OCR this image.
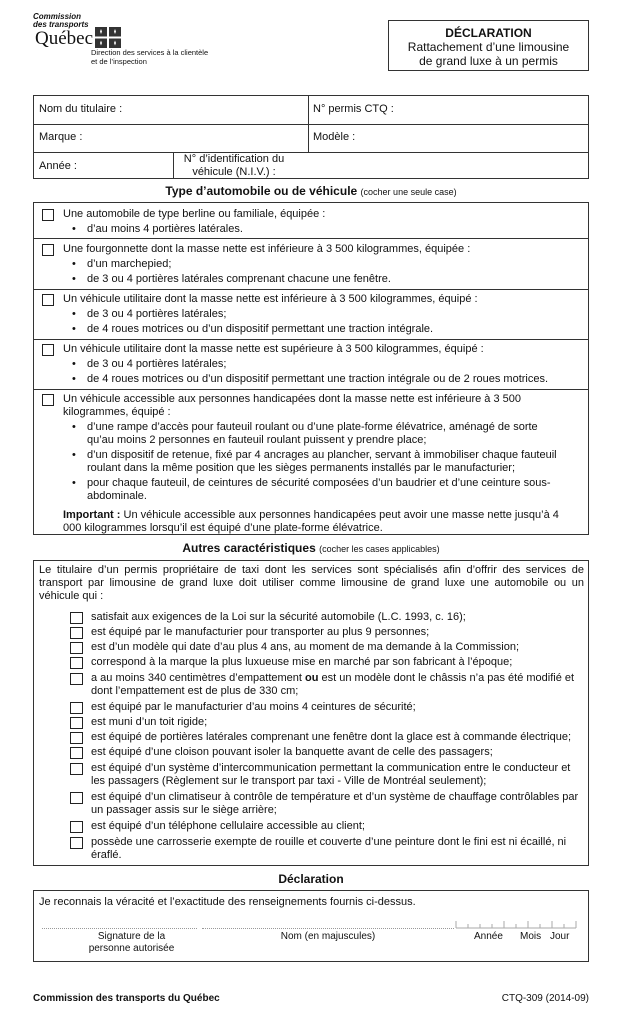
Commission
des transports
Québec
Direction des services à la clientèle
et de l’inspection
DÉCLARATION
Rattachement d’une limousine
de grand luxe à un permis
Nom du titulaire :	N° permis CTQ :
Marque :	Modèle :
Année :
N° d’identification du
véhicule (N.I.V.) :
Type d’automobile ou de véhicule (cocher une seule case)
Une automobile de type berline ou familiale, équipée :
• d’au moins 4 portières latérales.
Une fourgonnette dont la masse nette est inférieure à 3 500 kilogrammes, équipée :
• d’un marchepied;
• de 3 ou 4 portières latérales comprenant chacune une fenêtre.
Un véhicule utilitaire dont la masse nette est inférieure à 3 500 kilogrammes, équipé :
• de 3 ou 4 portières latérales;
• de 4 roues motrices ou d’un dispositif permettant une traction intégrale.
Un véhicule utilitaire dont la masse nette est supérieure à 3 500 kilogrammes, équipé :
• de 3 ou 4 portières latérales;
• de 4 roues motrices ou d’un dispositif permettant une traction intégrale ou de 2 roues motrices.
Un véhicule accessible aux personnes handicapées dont la masse nette est inférieure à 3 500 kilogrammes, équipé :
• d’une rampe d’accès pour fauteuil roulant ou d’une plate-forme élévatrice, aménagé de sorte qu’au moins 2 personnes en fauteuil roulant puissent y prendre place;
• d’un dispositif de retenue, fixé par 4 ancrages au plancher, servant à immobiliser chaque fauteuil roulant dans la même position que les sièges permanents installés par le manufacturier;
• pour chaque fauteuil, de ceintures de sécurité composées d’un baudrier et d’une ceinture sous-abdominale.
Important : Un véhicule accessible aux personnes handicapées peut avoir une masse nette jusqu’à 4 000 kilogrammes lorsqu’il est équipé d’une plate-forme élévatrice.
Autres caractéristiques (cocher les cases applicables)
Le titulaire d’un permis propriétaire de taxi dont les services sont spécialisés afin d’offrir des services de transport par limousine de grand luxe doit utiliser comme limousine de grand luxe une automobile ou un véhicule qui :
satisfait aux exigences de la Loi sur la sécurité automobile (L.C. 1993, c. 16);
est équipé par le manufacturier pour transporter au plus 9 personnes;
est d’un modèle qui date d’au plus 4 ans, au moment de ma demande à la Commission;
correspond à la marque la plus luxueuse mise en marché par son fabricant à l’époque;
a au moins 340 centimètres d’empattement ou est un modèle dont le châssis n’a pas été modifié et dont l’empattement est de plus de 330 cm;
est équipé par le manufacturier d’au moins 4 ceintures de sécurité;
est muni d’un toit rigide;
est équipé de portières latérales comprenant une fenêtre dont la glace est à commande électrique;
est équipé d’une cloison pouvant isoler la banquette avant de celle des passagers;
est équipé d’un système d’intercommunication permettant la communication entre le conducteur et les passagers (Règlement sur le transport par taxi - Ville de Montréal seulement);
est équipé d’un climatiseur à contrôle de température et d’un système de chauffage contrôlables par un passager assis sur le siège arrière;
est équipé d’un téléphone cellulaire accessible au client;
possède une carrosserie exempte de rouille et couverte d’une peinture dont le fini est ni écaillé, ni éraflé.
Déclaration
Je reconnais la véracité et l’exactitude des renseignements fournis ci-dessus.
Signature de la
personne autorisée
Nom (en majuscules)	Année Mois Jour
Commission des transports du Québec	CTQ-309 (2014-09)
